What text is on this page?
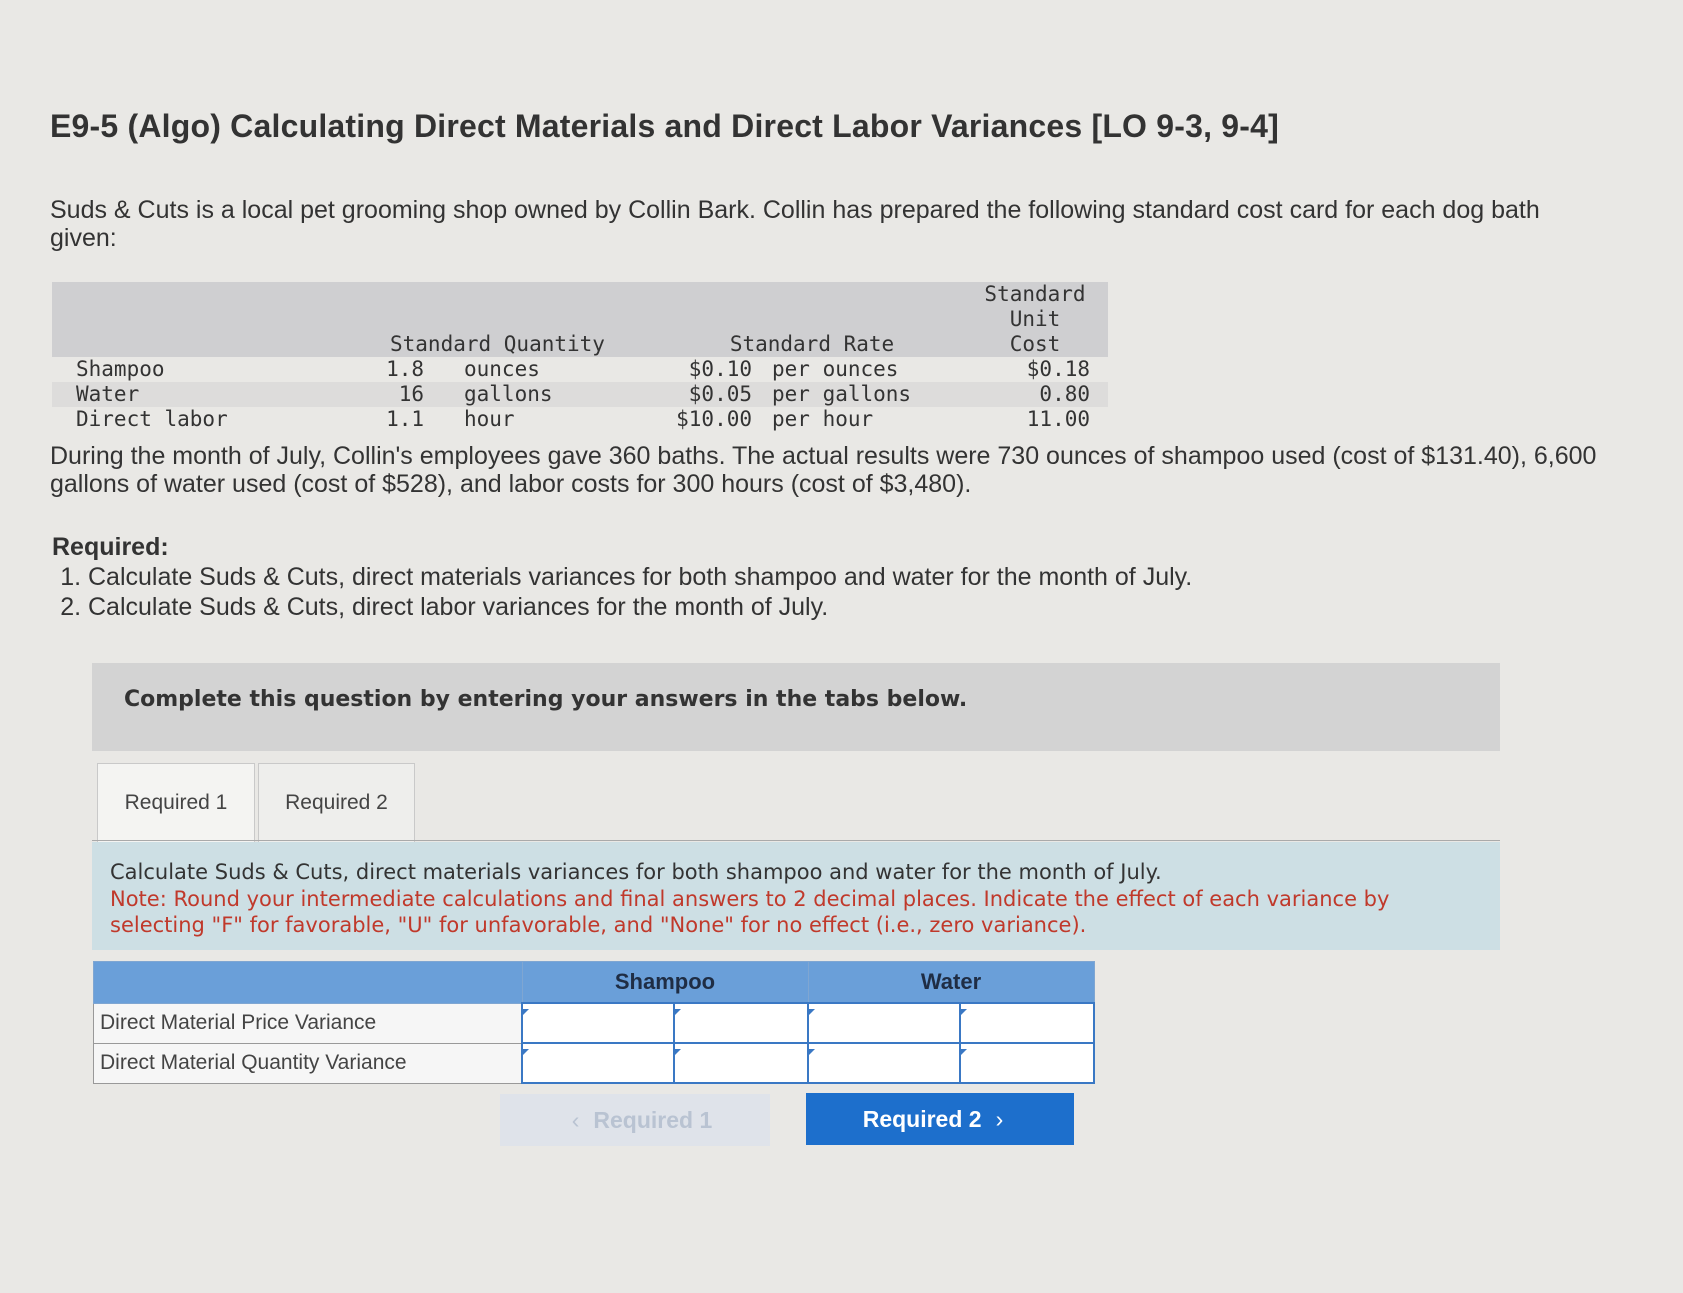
E9-5 (Algo) Calculating Direct Materials and Direct Labor Variances [LO 9-3, 9-4]
Suds & Cuts is a local pet grooming shop owned by Collin Bark. Collin has prepared the following standard cost card for each dog bath given:
	Standard Quantity		Standard Rate		Standard Unit
Cost
Shampoo	1.8	ounces	$0.10	per ounces	$0.18
Water	16	gallons	$0.05	per gallons	0.80
Direct labor	1.1	hour	$10.00	per hour	11.00
During the month of July, Collin's employees gave 360 baths. The actual results were 730 ounces of shampoo used (cost of $131.40), 6,600 gallons of water used (cost of $528), and labor costs for 300 hours (cost of $3,480).
Required:
1. Calculate Suds & Cuts, direct materials variances for both shampoo and water for the month of July.
2. Calculate Suds & Cuts, direct labor variances for the month of July.
Complete this question by entering your answers in the tabs below.
Required 1	Required 2
Calculate Suds & Cuts, direct materials variances for both shampoo and water for the month of July.
Note: Round your intermediate calculations and final answers to 2 decimal places. Indicate the effect of each variance by selecting "F" for favorable, "U" for unfavorable, and "None" for no effect (i.e., zero variance).
	Shampoo		Water	
Direct Material Price Variance	

Direct Material Quantity Variance	

‹ Required 1	Required 2 ›
